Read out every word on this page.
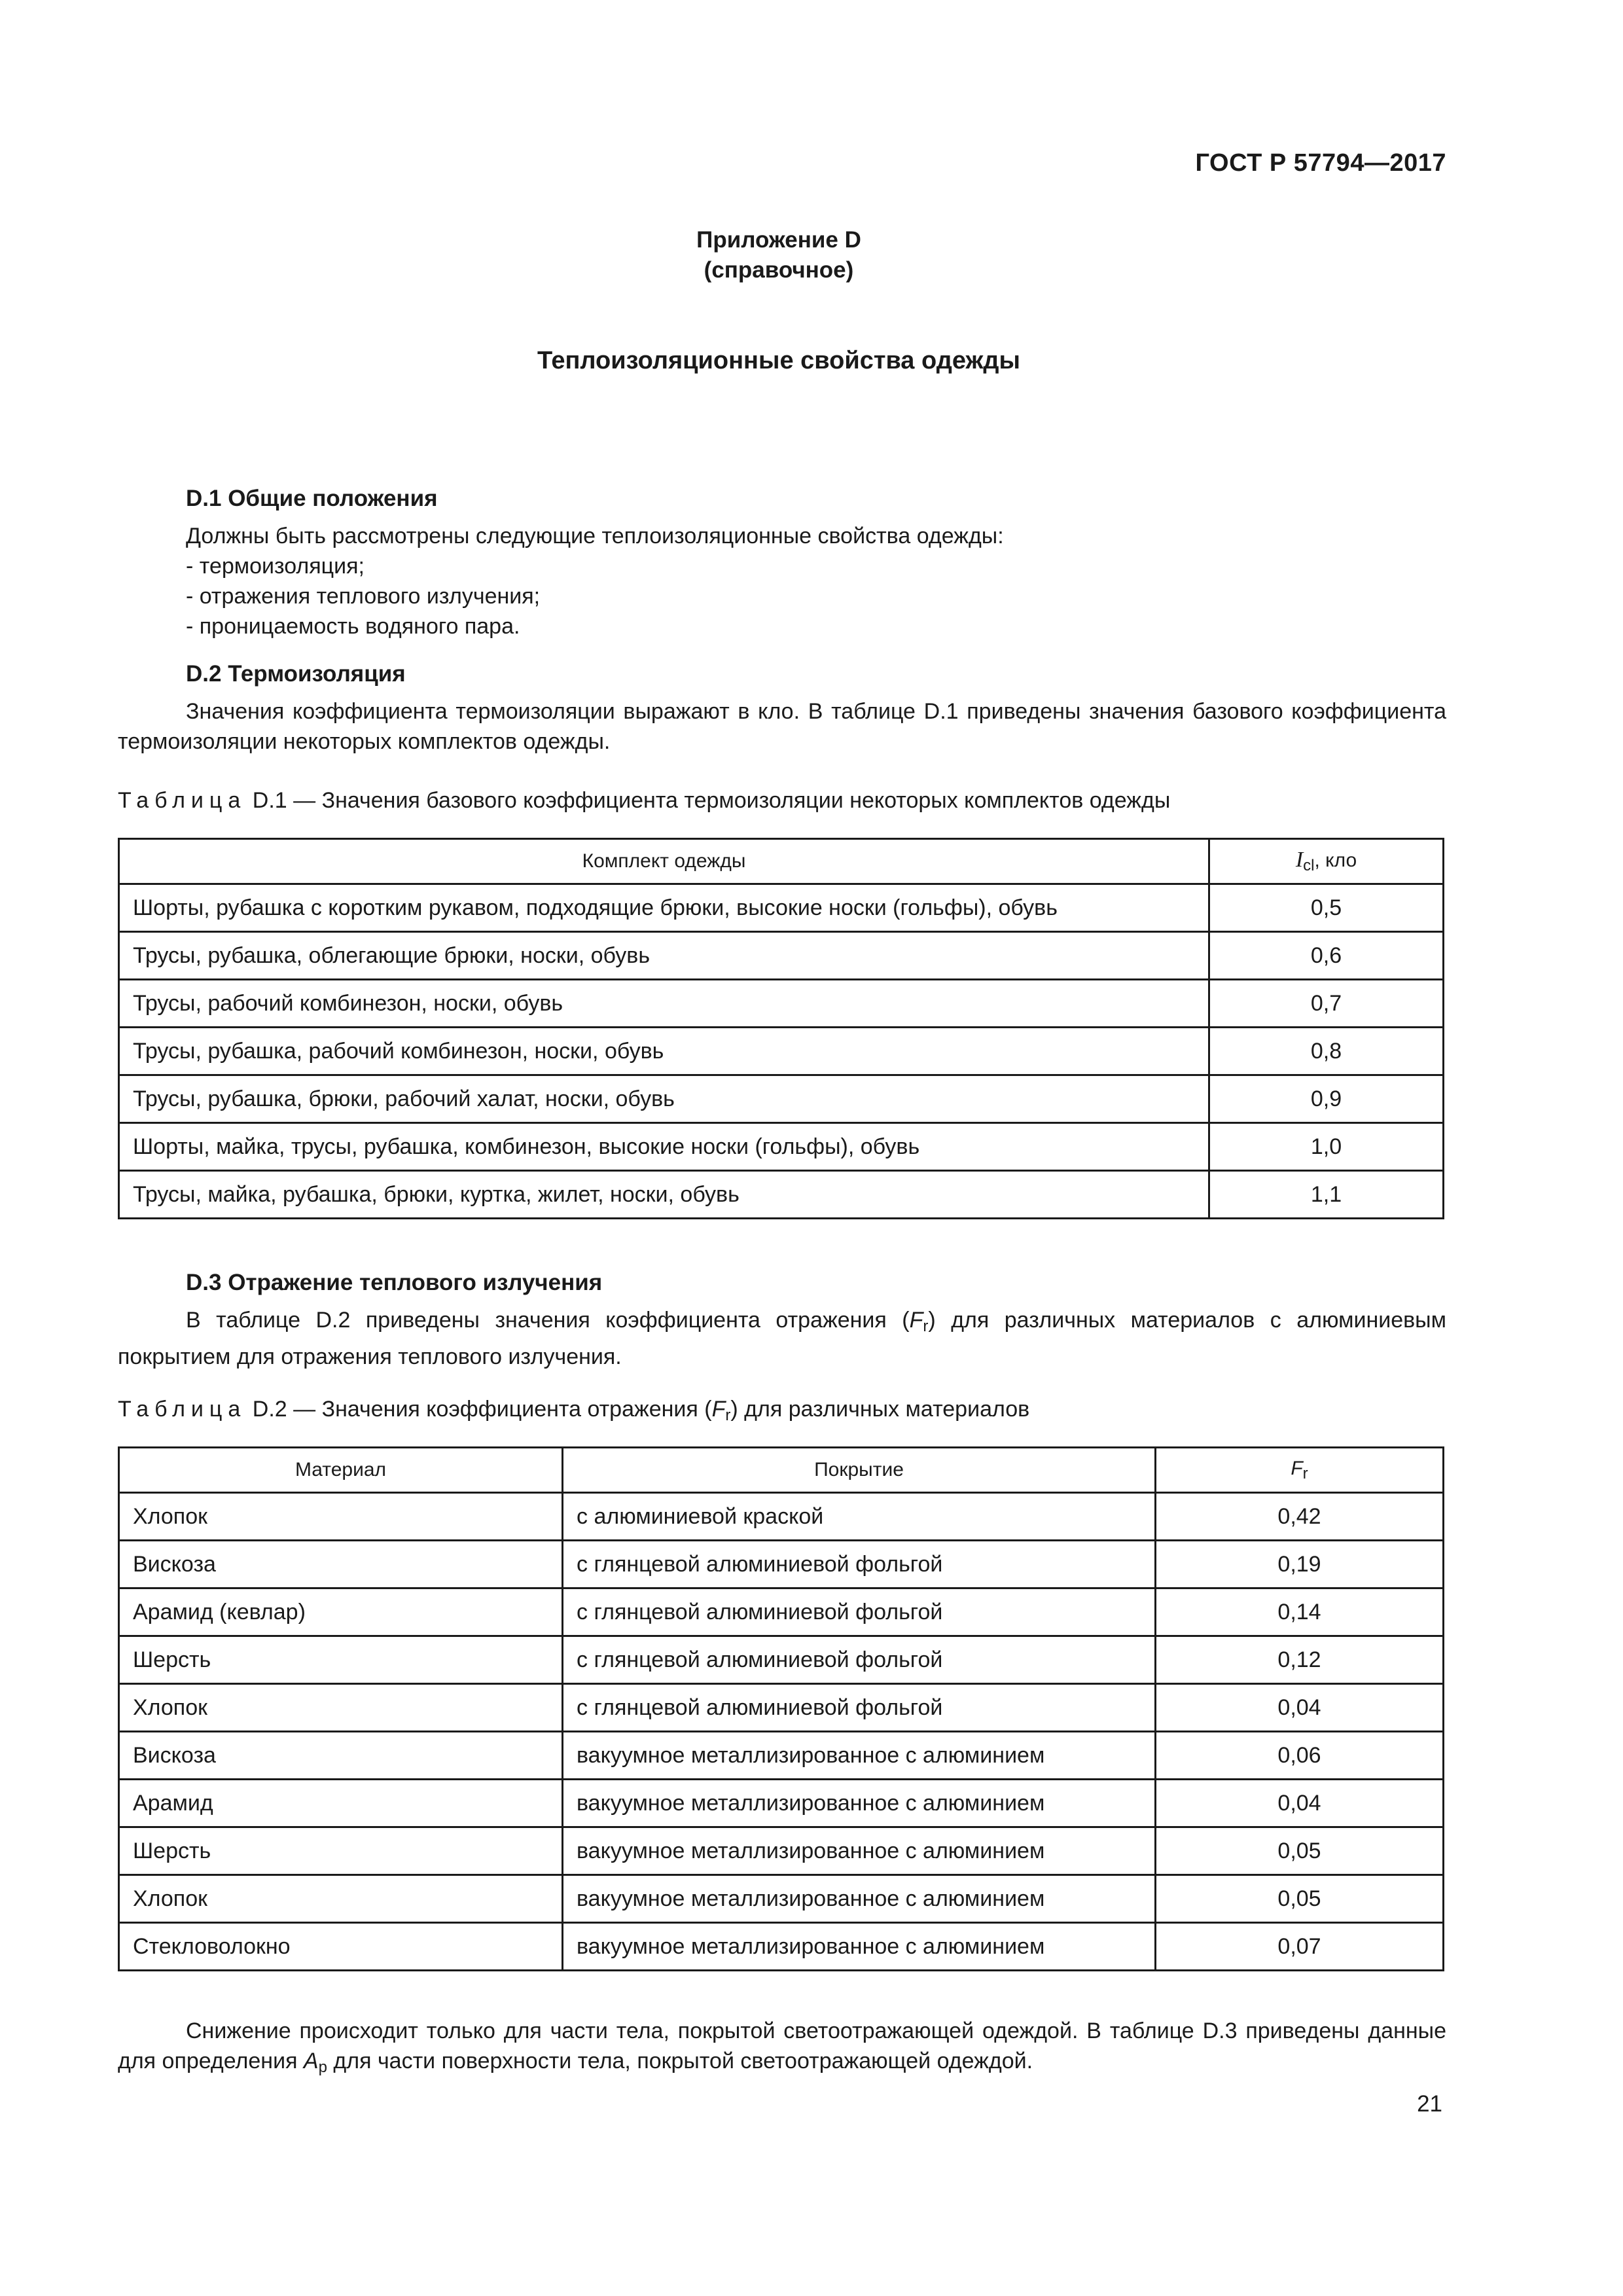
ГОСТ Р 57794—2017
Приложение D
(справочное)
Теплоизоляционные свойства одежды
D.1 Общие положения
Должны быть рассмотрены следующие теплоизоляционные свойства одежды:
- термоизоляция;
- отражения теплового излучения;
- проницаемость водяного пара.
D.2 Термоизоляция
Значения коэффициента термоизоляции выражают в кло. В таблице D.1 приведены значения базового коэффициента термоизоляции некоторых комплектов одежды.
Таблица D.1 — Значения базового коэффициента термоизоляции некоторых комплектов одежды
Комплект одежды	$I_{cl}$, кло
Шорты, рубашка с коротким рукавом, подходящие брюки, высокие носки (гольфы), обувь	0,5
Трусы, рубашка, облегающие брюки, носки, обувь	0,6
Трусы, рабочий комбинезон, носки, обувь	0,7
Трусы, рубашка, рабочий комбинезон, носки, обувь	0,8
Трусы, рубашка, брюки, рабочий халат, носки, обувь	0,9
Шорты, майка, трусы, рубашка, комбинезон, высокие носки (гольфы), обувь	1,0
Трусы, майка, рубашка, брюки, куртка, жилет, носки, обувь	1,1
D.3 Отражение теплового излучения
В таблице D.2 приведены значения коэффициента отражения $(F_r)$ для различных материалов с алюминиевым покрытием для отражения теплового излучения.
Таблица D.2 — Значения коэффициента отражения $(F_r)$ для различных материалов
Материал	Покрытие	$F_r$
Хлопок	с алюминиевой краской	0,42
Вискоза	с глянцевой алюминиевой фольгой	0,19
Арамид (кевлар)	с глянцевой алюминиевой фольгой	0,14
Шерсть	с глянцевой алюминиевой фольгой	0,12
Хлопок	с глянцевой алюминиевой фольгой	0,04
Вискоза	вакуумное металлизированное с алюминием	0,06
Арамид	вакуумное металлизированное с алюминием	0,04
Шерсть	вакуумное металлизированное с алюминием	0,05
Хлопок	вакуумное металлизированное с алюминием	0,05
Стекловолокно	вакуумное металлизированное с алюминием	0,07
Снижение происходит только для части тела, покрытой светоотражающей одеждой. В таблице D.3 приведены данные для определения $A_p$ для части поверхности тела, покрытой светоотражающей одеждой.
21
